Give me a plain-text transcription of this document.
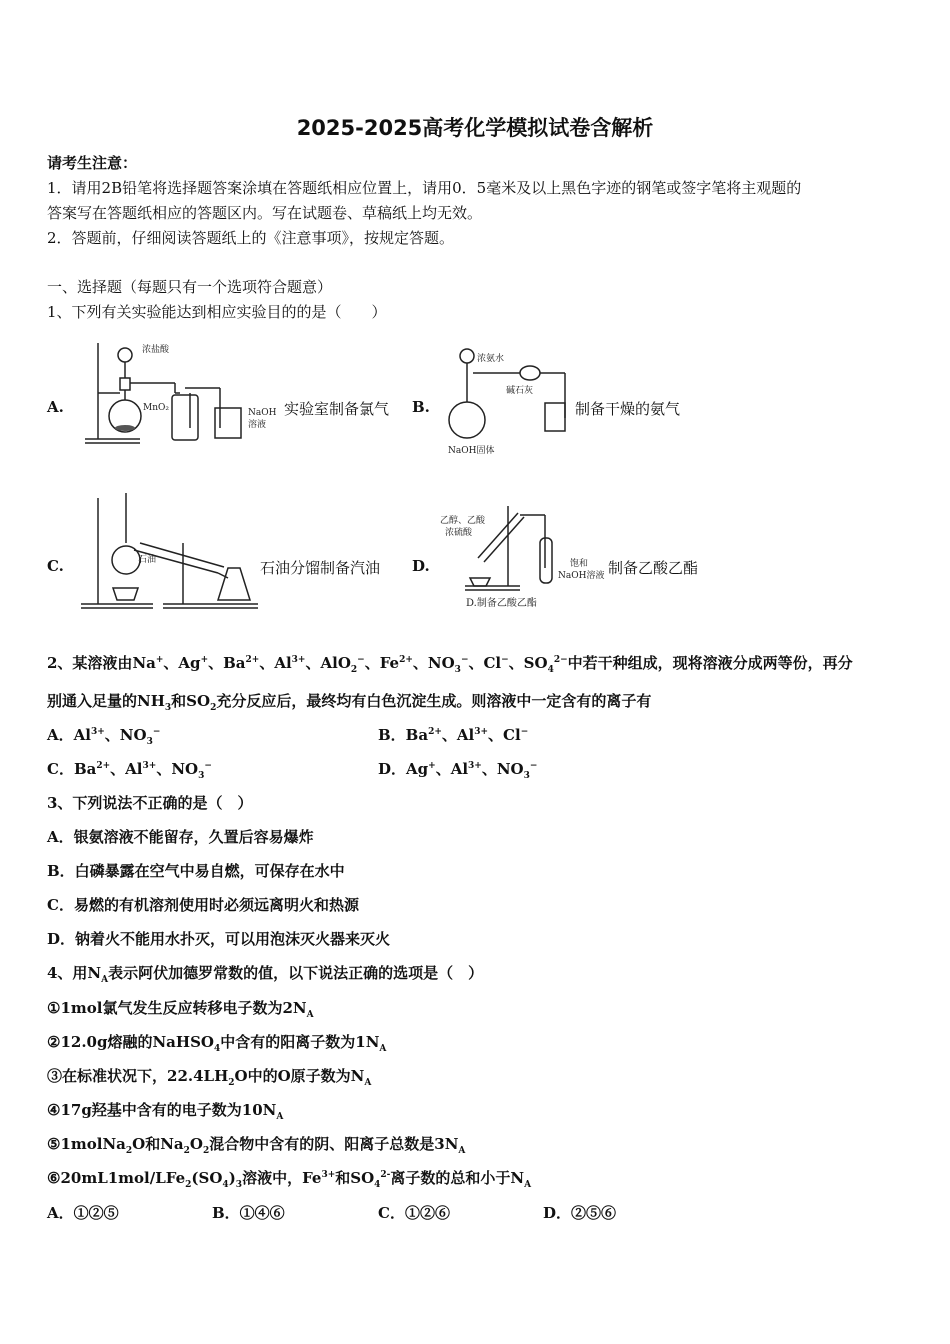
2025-2025高考化学模拟试卷含解析
请考生注意：
1．请用2B铅笔将选择题答案涂填在答题纸相应位置上，请用0．5毫米及以上黑色字迹的钢笔或签字笔将主观题的
答案写在答题纸相应的答题区内。写在试题卷、草稿纸上均无效。
2．答题前，仔细阅读答题纸上的《注意事项》，按规定答题。
一、选择题（每题只有一个选项符合题意）
1、下列有关实验能达到相应实验目的的是（　　）
A.
浓盐酸
MnO₂	NaOH
溶液
实验室制备氯气 B.
浓氨水
碱石灰
NaOH固体
制备干燥的氨气
C.	石油	石油分馏制备汽油 D.
乙醇、乙酸
浓硫酸
饱和
NaOH溶液
D.制备乙酸乙酯
制备乙酸乙酯
2、某溶液由Na+、Ag+、$Ba^{2+}$、$Al^{3+}$、AlO$_2$−、$Fe^{2+}$、$NO_3^-$、Cl−、$SO_4^{2-}$中若干种组成，现将溶液分成两等份，再分
别通入足量的$NH_3$和$SO_2$充分反应后，最终均有白色沉淀生成。则溶液中一定含有的离子有
A．$Al^{3+}$、$NO_3^-$	B．$Ba^{2+}$、$Al^{3+}$、Cl−
C．$Ba^{2+}$、$Al^{3+}$、$NO_3^-$	D．Ag+、$Al^{3+}$、$NO_3^-$
3、下列说法不正确的是（　）
A．银氨溶液不能留存，久置后容易爆炸
B．白磷暴露在空气中易自燃，可保存在水中
C．易燃的有机溶剂使用时必须远离明火和热源
D．钠着火不能用水扑灭，可以用泡沫灭火器来灭火
4、用$N_A$表示阿伏加德罗常数的值，以下说法正确的选项是（　）
①1mol氯气发生反应转移电子数为$2N_A$
②12.0g熔融的NaHSO$_4$中含有的阳离子数为$1N_A$
③在标准状况下，$22.4LH_2O$中的O原子数为$N_A$
④17g羟基中含有的电子数为$10N_A$
⑤1molNa$_2$O和$Na_2O_2$混合物中含有的阴、阳离子总数是$3N_A$
$⑥20mL1mol/LFe_2(SO_4)_3$溶液中，$Fe^{3+}$和$SO_4^{2-}$离子数的总和小于$N_A$
A．①②⑤	B．①④⑥	C．①②⑥	D．②⑤⑥
